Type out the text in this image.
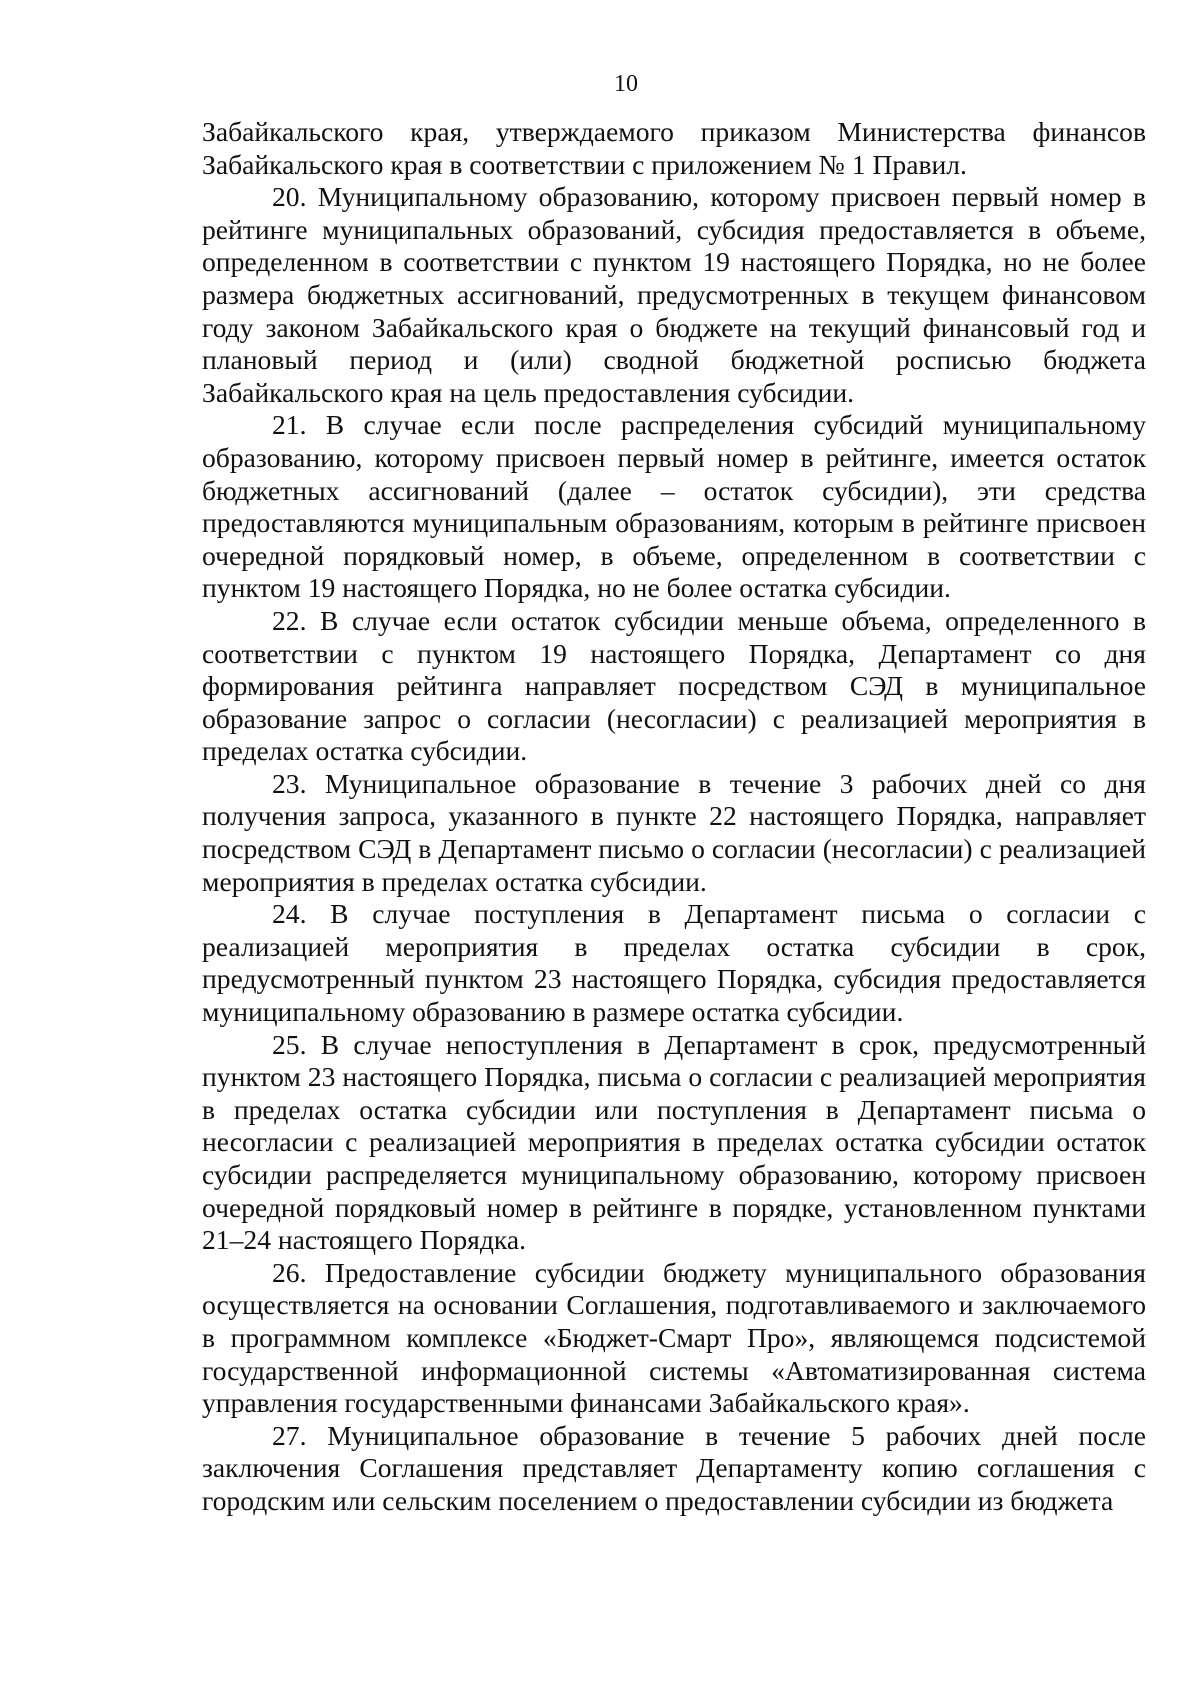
10

Забайкальского края, утверждаемого приказом Министерства финансов Забайкальского края в соответствии с приложением № 1 Правил.

20. Муниципальному образованию, которому присвоен первый номер в рейтинге муниципальных образований, субсидия предоставляется в объеме, определенном в соответствии с пунктом 19 настоящего Порядка, но не более размера бюджетных ассигнований, предусмотренных в текущем финансовом году законом Забайкальского края о бюджете на текущий финансовый год и плановый период и (или) сводной бюджетной росписью бюджета Забайкальского края на цель предоставления субсидии.

21. В случае если после распределения субсидий муниципальному образованию, которому присвоен первый номер в рейтинге, имеется остаток бюджетных ассигнований (далее – остаток субсидии), эти средства предоставляются муниципальным образованиям, которым в рейтинге присвоен очередной порядковый номер, в объеме, определенном в соответствии с пунктом 19 настоящего Порядка, но не более остатка субсидии.

22. В случае если остаток субсидии меньше объема, определенного в соответствии с пунктом 19 настоящего Порядка, Департамент со дня формирования рейтинга направляет посредством СЭД в муниципальное образование запрос о согласии (несогласии) с реализацией мероприятия в пределах остатка субсидии.

23. Муниципальное образование в течение 3 рабочих дней со дня получения запроса, указанного в пункте 22 настоящего Порядка, направляет посредством СЭД в Департамент письмо о согласии (несогласии) с реализацией мероприятия в пределах остатка субсидии.

24. В случае поступления в Департамент письма о согласии с реализацией мероприятия в пределах остатка субсидии в срок, предусмотренный пунктом 23 настоящего Порядка, субсидия предоставляется муниципальному образованию в размере остатка субсидии.

25. В случае непоступления в Департамент в срок, предусмотренный пунктом 23 настоящего Порядка, письма о согласии с реализацией мероприятия в пределах остатка субсидии или поступления в Департамент письма о несогласии с реализацией мероприятия в пределах остатка субсидии остаток субсидии распределяется муниципальному образованию, которому присвоен очередной порядковый номер в рейтинге в порядке, установленном пунктами 21–24 настоящего Порядка.

26. Предоставление субсидии бюджету муниципального образования осуществляется на основании Соглашения, подготавливаемого и заключаемого в программном комплексе «Бюджет-Смарт Про», являющемся подсистемой государственной информационной системы «Автоматизированная система управления государственными финансами Забайкальского края».

27. Муниципальное образование в течение 5 рабочих дней после заключения Соглашения представляет Департаменту копию соглашения с городским или сельским поселением о предоставлении субсидии из бюджета
